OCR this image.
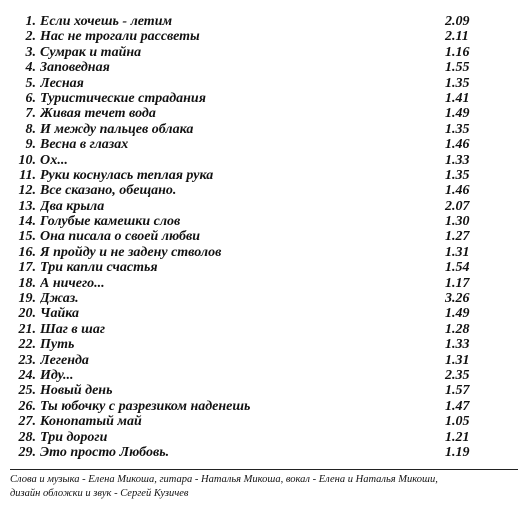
1. Если хочешь - летим	2.09
2. Нас не трогали рассветы	2.11
3. Сумрак и тайна	1.16
4. Заповедная	1.55
5. Лесная	1.35
6. Туристические страдания	1.41
7. Живая течет вода	1.49
8. И между пальцев облака	1.35
9. Весна в глазах	1.46
10. Ох...	1.33
11. Руки коснулась теплая рука	1.35
12. Все сказано, обещано.	1.46
13. Два крыла	2.07
14. Голубые камешки слов	1.30
15. Она писала о своей любви	1.27
16. Я пройду и не задену стволов	1.31
17. Три капли счастья	1.54
18. А ничего...	1.17
19. Джаз.	3.26
20. Чайка	1.49
21. Шаг в шаг	1.28
22. Путь	1.33
23. Легенда	1.31
24. Иду...	2.35
25. Новый день	1.57
26. Ты юбочку с разрезиком наденешь	1.47
27. Конопатый май	1.05
28. Три дороги	1.21
29. Это просто Любовь.	1.19
Слова и музыка - Елена Микоша, гитара - Наталья Микоша, вокал - Елена и Наталья Микоши,
дизайн обложки и звук - Сергей Кузичев
